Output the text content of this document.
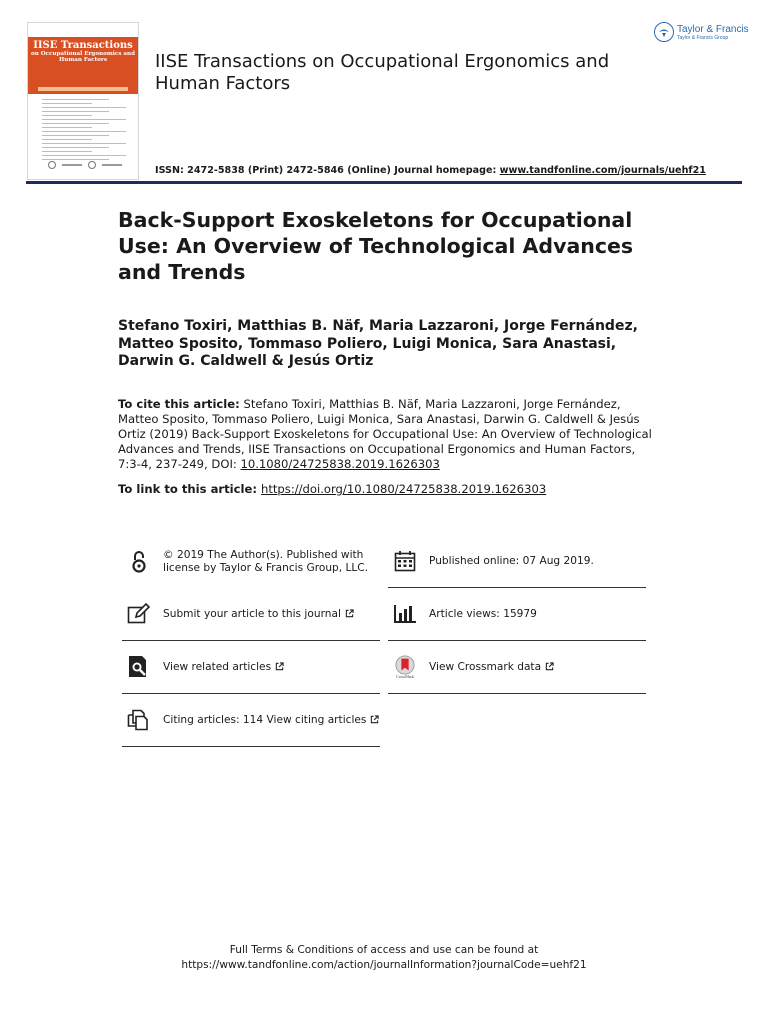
IISE Transactions
on Occupational Ergonomics and Human Factors	IISE Transactions on Occupational Ergonomics and Human Factors
Taylor & Francis
Taylor & Francis Group
ISSN: 2472-5838 (Print) 2472-5846 (Online) Journal homepage: www.tandfonline.com/journals/uehf21
Back-Support Exoskeletons for Occupational Use: An Overview of Technological Advances and Trends
Stefano Toxiri, Matthias B. Näf, Maria Lazzaroni, Jorge Fernández, Matteo Sposito, Tommaso Poliero, Luigi Monica, Sara Anastasi, Darwin G. Caldwell & Jesús Ortiz
To cite this article: Stefano Toxiri, Matthias B. Näf, Maria Lazzaroni, Jorge Fernández, Matteo Sposito, Tommaso Poliero, Luigi Monica, Sara Anastasi, Darwin G. Caldwell & Jesús Ortiz (2019) Back-Support Exoskeletons for Occupational Use: An Overview of Technological Advances and Trends, IISE Transactions on Occupational Ergonomics and Human Factors, 7:3-4, 237-249, DOI: 10.1080/24725838.2019.1626303
To link to this article: https://doi.org/10.1080/24725838.2019.1626303
© 2019 The Author(s). Published with license by Taylor & Francis Group, LLC.
Published online: 07 Aug 2019.
Submit your article to this journal	Article views: 15979
View related articles
CrossMark
View Crossmark data
Citing articles: 114 View citing articles
Full Terms & Conditions of access and use can be found at
https://www.tandfonline.com/action/journalInformation?journalCode=uehf21
